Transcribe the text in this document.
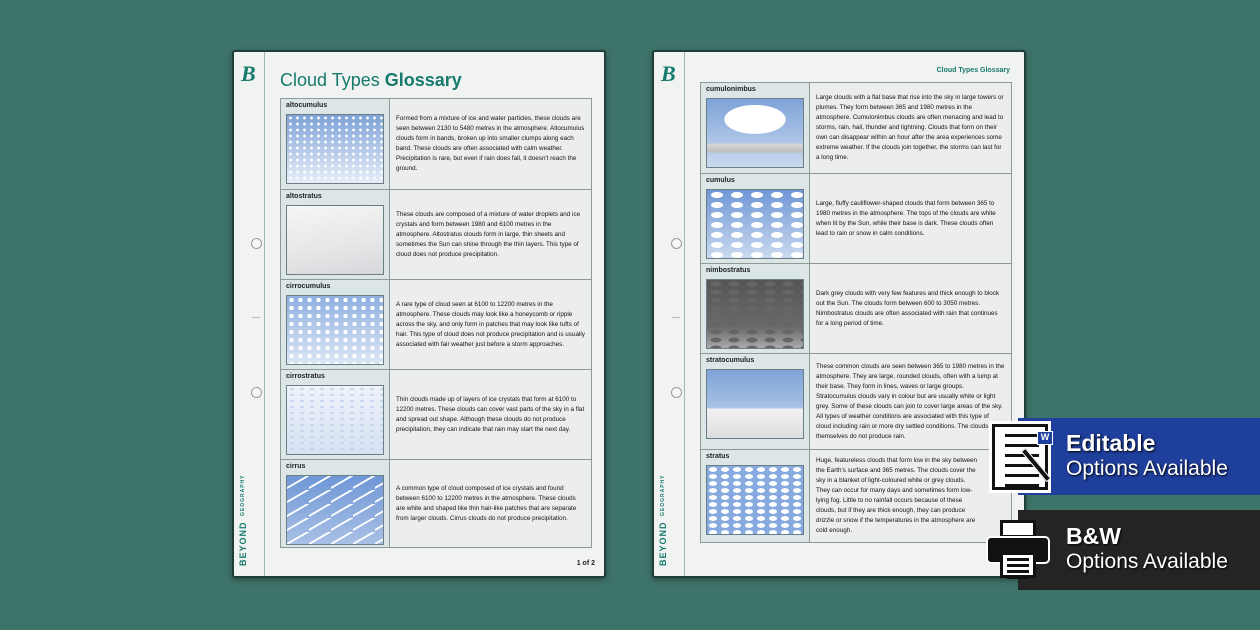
B
BEYONDGEOGRAPHY
Cloud Types Glossary
altocumulus
Formed from a mixture of ice and water particles, these clouds are seen between 2130 to 5480 metres in the atmosphere. Altocumulus clouds form in bands, broken up into smaller clumps along each band. These clouds are often associated with calm weather. Precipitation is rare, but even if rain does fall, it doesn't reach the ground.
altostratus
These clouds are composed of a mixture of water droplets and ice crystals and form between 1980 and 6100 metres in the atmosphere. Altostratus clouds form in large, thin sheets and sometimes the Sun can shine through the thin layers. This type of cloud does not produce precipitation.
cirrocumulus
A rare type of cloud seen at 6100 to 12200 metres in the atmosphere. These clouds may look like a honeycomb or ripple across the sky, and only form in patches that may look like tufts of hair. This type of cloud does not produce precipitation and is usually associated with fair weather just before a storm approaches.
cirrostratus
Thin clouds made up of layers of ice crystals that form at 6100 to 12200 metres. These clouds can cover vast parts of the sky in a flat and spread out shape. Although these clouds do not produce precipitation, they can indicate that rain may start the next day.
cirrus
A common type of cloud composed of ice crystals and found between 6100 to 12200 metres in the atmosphere. These clouds are white and shaped like thin hair-like patches that are separate from larger clouds. Cirrus clouds do not produce precipitation.
1 of 2
B
BEYONDGEOGRAPHY
Cloud Types Glossary
cumulonimbus
Large clouds with a flat base that rise into the sky in large towers or plumes. They form between 365 and 1980 metres in the atmosphere. Cumulonimbus clouds are often menacing and lead to storms, rain, hail, thunder and lightning. Clouds that form on their own can disappear within an hour after the area experiences some extreme weather. If the clouds join together, the storms can last for a long time.
cumulus
Large, fluffy cauliflower-shaped clouds that form between 365 to 1980 metres in the atmosphere. The tops of the clouds are white when lit by the Sun, while their base is dark. These clouds often lead to rain or snow in calm conditions.
nimbostratus
Dark grey clouds with very few features and thick enough to block out the Sun. The clouds form between 600 to 3050 metres. Nimbostratus clouds are often associated with rain that continues for a long period of time.
stratocumulus
These common clouds are seen between 365 to 1980 metres in the atmosphere. They are large, rounded clouds, often with a lump at their base. They form in lines, waves or large groups. Stratocumulus clouds vary in colour but are usually white or light grey. Some of these clouds can join to cover large areas of the sky. All types of weather conditions are associated with this type of cloud including rain or more dry settled conditions. The clouds themselves do not produce rain.
stratus
Huge, featureless clouds that form low in the sky between the Earth's surface and 365 metres. The clouds cover the sky in a blanket of light-coloured white or grey clouds. They can occur for many days and sometimes form low-lying fog. Little to no rainfall occurs because of these clouds, but if they are thick enough, they can produce drizzle or snow if the temperatures in the atmosphere are cold enough.
Editable
Options Available
W
B&W
Options Available
